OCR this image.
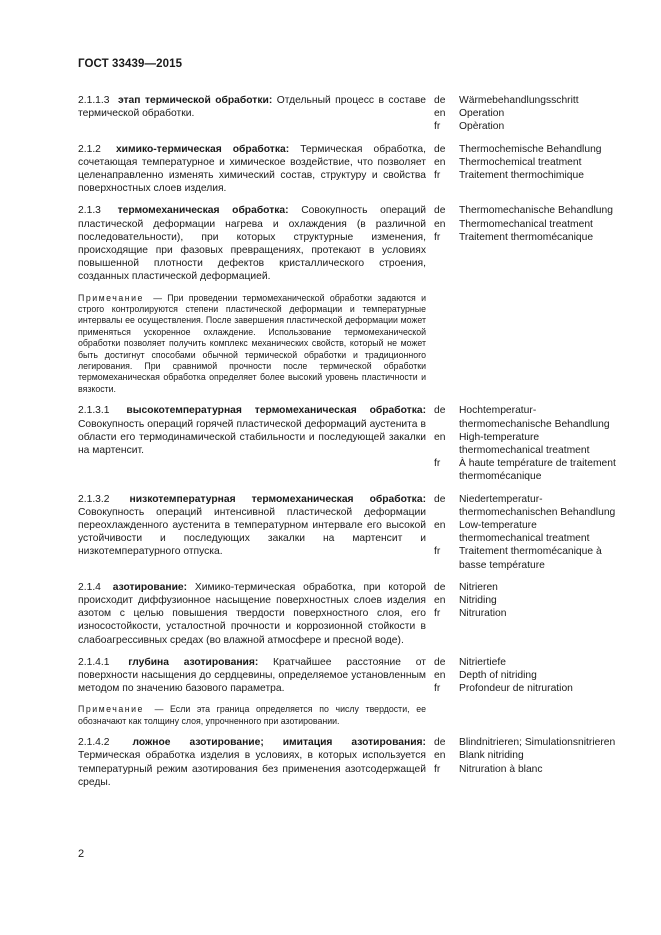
ГОСТ 33439—2015
2.1.1.3 этап термической обработки: Отдельный процесс в составе термической обработки.
de	Wärmebehandlungsschritt
en	Operation
fr	Opèration
2.1.2 химико-термическая обработка: Термическая обработка, сочетающая температурное и химическое воздействие, что позволяет целенаправленно изменять химический состав, структуру и свойства поверхностных слоев изделия.
de	Thermochemische Behandlung
en	Thermochemical treatment
fr	Traitement thermochimique
2.1.3 термомеханическая обработка: Совокупность операций пластической деформации нагрева и охлаждения (в различной последовательности), при которых структурные изменения, происходящие при фазовых превращениях, протекают в условиях повышенной плотности дефектов кристаллического строения, созданных пластической деформацией.
de	Thermomechanische Behandlung
en	Thermomechanical treatment
fr	Traitement thermomécanique
Примечание — При проведении термомеханической обработки задаются и строго контролируются степени пластической деформации и температурные интервалы ее осуществления. После завершения пластической деформации может применяться ускоренное охлаждение. Использование термомеханической обработки позволяет получить комплекс механических свойств, который не может быть достигнут способами обычной термической обработки и традиционного легирования. При сравнимой прочности после термической обработки термомеханическая обработка определяет более высокий уровень пластичности и вязкости.
2.1.3.1 высокотемпературная термомеханическая обработка: Совокупность операций горячей пластической деформаций аустенита в области его термодинамической стабильности и последующей закалки на мартенсит.
de	Hochtemperatur-thermomechanische Behandlung
en	High-temperature thermomechanical treatment
fr	À haute température de traitement thermomécanique
2.1.3.2 низкотемпературная термомеханическая обработка: Совокупность операций интенсивной пластической деформации переохлажденного аустенита в температурном интервале его высокой устойчивости и последующих закалки на мартенсит и низкотемпературного отпуска.
de	Niedertemperatur-thermomechanischen Behandlung
en	Low-temperature thermomechanical treatment
fr	Traitement thermomécanique à basse température
2.1.4 азотирование: Химико-термическая обработка, при которой происходит диффузионное насыщение поверхностных слоев изделия азотом с целью повышения твердости поверхностного слоя, его износостойкости, усталостной прочности и коррозионной стойкости в слабоагрессивных средах (во влажной атмосфере и пресной воде).
de	Nitrieren
en	Nitriding
fr	Nitruration
2.1.4.1 глубина азотирования: Кратчайшее расстояние от поверхности насыщения до сердцевины, определяемое установленным методом по значению базового параметра.
de	Nitriertiefe
en	Depth of nitriding
fr	Profondeur de nitruration
Примечание — Если эта граница определяется по числу твердости, ее обозначают как толщину слоя, упрочненного при азотировании.
2.1.4.2 ложное азотирование; имитация азотирования: Термическая обработка изделия в условиях, в которых используется температурный режим азотирования без применения азотсодержащей среды.
de	Blindnitrieren; Simulationsnitrieren
en	Blank nitriding
fr	Nitruration à blanc
2
